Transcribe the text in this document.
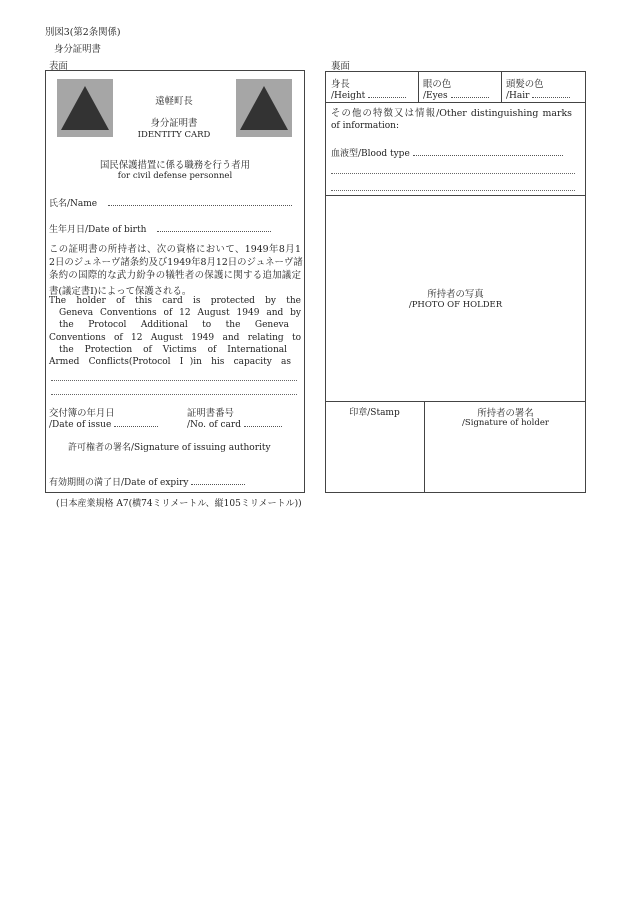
別図3(第2条関係)
身分証明書
表面	裏面
遠軽町長
身分証明書
IDENTITY CARD
国民保護措置に係る職務を行う者用
for civil defense personnel
氏名/Name
生年月日/Date of birth
この証明書の所持者は、次の資格において、1949年8月1
2日のジュネーヴ諸条約及び1949年8月12日のジュネーヴ諸
条約の国際的な武力紛争の犠牲者の保護に関する追加議定
書(議定書Ⅰ)によって保護される。
The holder of this card is protected by the
Geneva Conventions of 12 August 1949 and by
the Protocol Additional to the Geneva
Conventions of 12 August 1949 and relating to
the Protection of Victims of International
Armed Conflicts(Protocol Ⅰ)in his capacity as
交付簿の年月日
/Date of issue
証明書番号
/No. of card
許可権者の署名/Signature of issuing authority
有効期間の満了日/Date of expiry
身長
/Height
眼の色
/Eyes
頭髪の色
/Hair
その他の特徴又は情報/Other distinguishing marks
of information:
血液型/Blood type
所持者の写真
/PHOTO OF HOLDER
印章/Stamp	所持者の署名
/Signature of holder
(日本産業規格 A7(横74ミリメートル、縦105ミリメートル))
